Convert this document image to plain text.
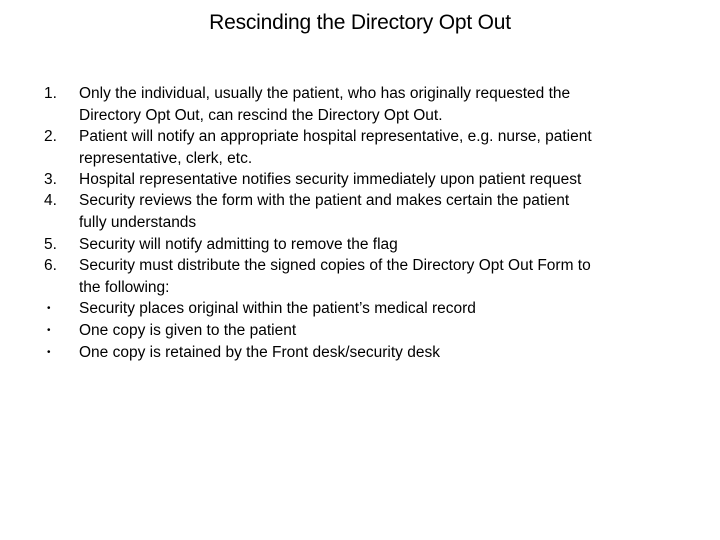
Rescinding the Directory Opt Out
1.	Only the individual, usually the patient, who has originally requested the
Directory Opt Out, can rescind the Directory Opt Out.
2.	Patient will notify an appropriate hospital representative, e.g. nurse, patient
representative, clerk, etc.
3.	Hospital representative notifies security immediately upon patient request
4.	Security reviews the form with the patient and makes certain the patient
fully understands
5.	Security will notify admitting to remove the flag
6.	Security must distribute the signed copies of the Directory Opt Out Form to
the following:
•	Security places original within the patient’s medical record
•	One copy is given to the patient
•	One copy is retained by the Front desk/security desk
